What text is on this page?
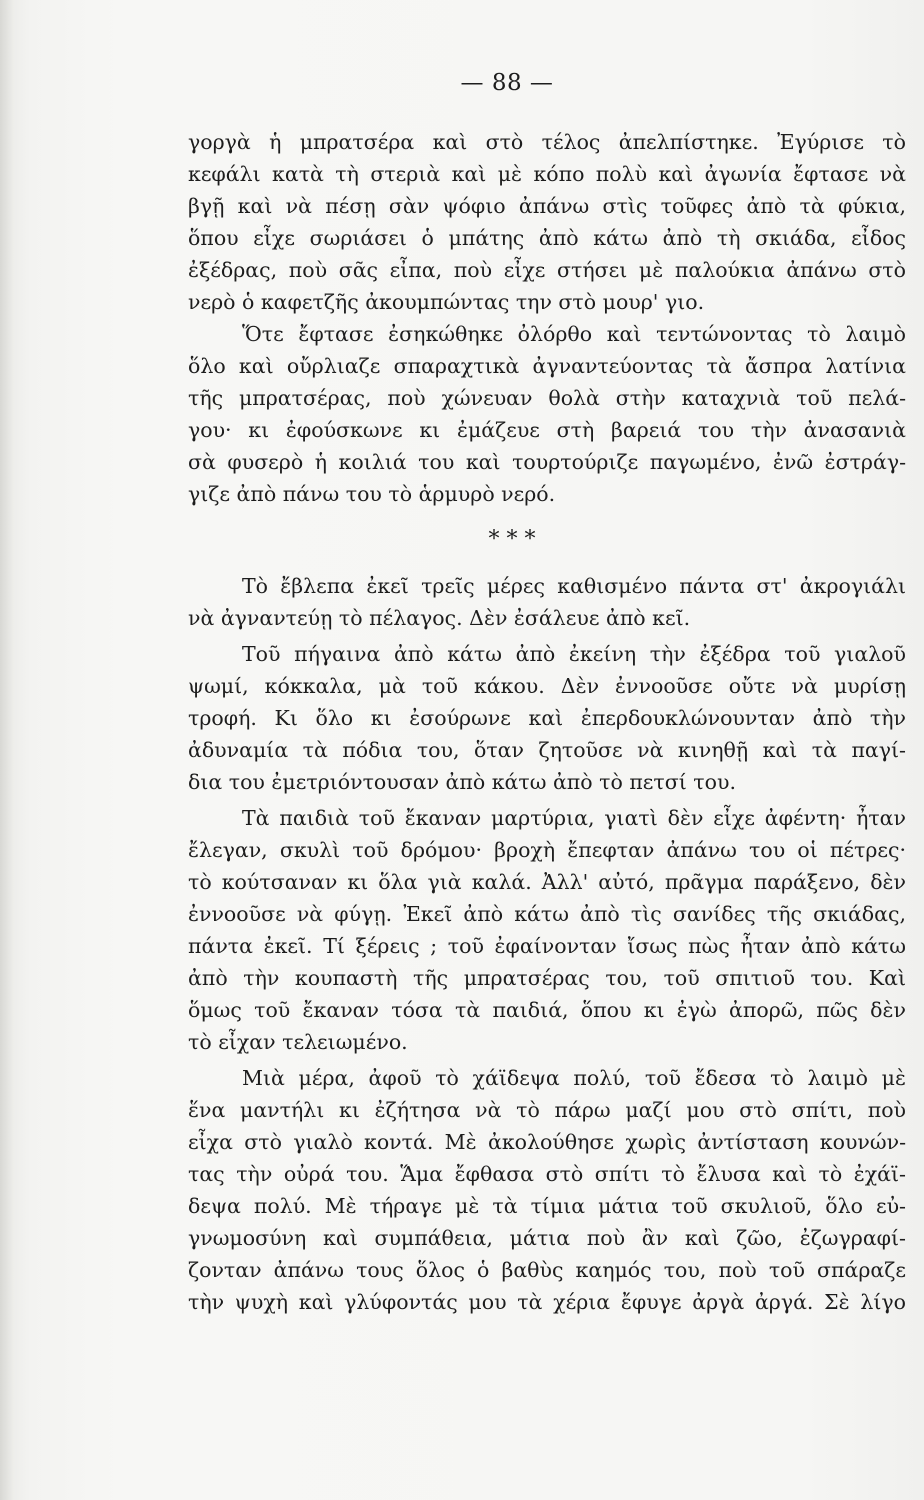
— 88 —
γοργὰ ἡ μπρατσέρα καὶ στὸ τέλος ἀπελπίστηκε. Ἐγύρισε τὸ
κεφάλι κατὰ τὴ στεριὰ καὶ μὲ κόπο πολὺ καὶ ἀγωνία ἔφτασε νὰ
βγῇ καὶ νὰ πέσῃ σὰν ψόφιο ἀπάνω στὶς τοῦφες ἀπὸ τὰ φύκια,
ὅπου εἶχε σωριάσει ὁ μπάτης ἀπὸ κάτω ἀπὸ τὴ σκιάδα, εἶδος
ἐξέδρας, ποὺ σᾶς εἶπα, ποὺ εἶχε στήσει μὲ παλούκια ἀπάνω στὸ
νερὸ ὁ καφετζῆς ἀκουμπώντας την στὸ μουρ' γιο.
Ὅτε ἔφτασε ἐσηκώθηκε ὀλόρθο καὶ τεντώνοντας τὸ λαιμὸ
ὅλο καὶ οὔρλιαζε σπαραχτικὰ ἀγναντεύοντας τὰ ἄσπρα λατίνια
τῆς μπρατσέρας, ποὺ χώνευαν θολὰ στὴν καταχνιὰ τοῦ πελά-
γου· κι ἐφούσκωνε κι ἐμάζευε στὴ βαρειά του τὴν ἀνασανιὰ
σὰ φυσερὸ ἡ κοιλιά του καὶ τουρτούριζε παγωμένο, ἐνῶ ἐστράγ-
γιζε ἀπὸ πάνω του τὸ ἁρμυρὸ νερό.
* * *
Τὸ ἔβλεπα ἐκεῖ τρεῖς μέρες καθισμένο πάντα στ' ἀκρογιάλι
νὰ ἀγναντεύῃ τὸ πέλαγος. Δὲν ἐσάλευε ἀπὸ κεῖ.
Τοῦ πήγαινα ἀπὸ κάτω ἀπὸ ἐκείνη τὴν ἐξέδρα τοῦ γιαλοῦ
ψωμί, κόκκαλα, μὰ τοῦ κάκου. Δὲν ἐννοοῦσε οὔτε νὰ μυρίσῃ
τροφή. Κι ὅλο κι ἐσούρωνε καὶ ἐπερδουκλώνουνταν ἀπὸ τὴν
ἀδυναμία τὰ πόδια του, ὅταν ζητοῦσε νὰ κινηθῇ καὶ τὰ παγί-
δια του ἐμετριόντουσαν ἀπὸ κάτω ἀπὸ τὸ πετσί του.
Τὰ παιδιὰ τοῦ ἔκαναν μαρτύρια, γιατὶ δὲν εἶχε ἀφέντη· ἦταν
ἔλεγαν, σκυλὶ τοῦ δρόμου· βροχὴ ἔπεφταν ἀπάνω του οἱ πέτρες·
τὸ κούτσαναν κι ὅλα γιὰ καλά. Ἀλλ' αὐτό, πρᾶγμα παράξενο, δὲν
ἐννοοῦσε νὰ φύγῃ. Ἐκεῖ ἀπὸ κάτω ἀπὸ τὶς σανίδες τῆς σκιάδας,
πάντα ἐκεῖ. Τί ξέρεις ; τοῦ ἐφαίνονταν ἴσως πὼς ἦταν ἀπὸ κάτω
ἀπὸ τὴν κουπαστὴ τῆς μπρατσέρας του, τοῦ σπιτιοῦ του. Καὶ
ὅμως τοῦ ἔκαναν τόσα τὰ παιδιά, ὅπου κι ἐγὼ ἀπορῶ, πῶς δὲν
τὸ εἶχαν τελειωμένο.
Μιὰ μέρα, ἀφοῦ τὸ χάϊδεψα πολύ, τοῦ ἔδεσα τὸ λαιμὸ μὲ
ἕνα μαντήλι κι ἐζήτησα νὰ τὸ πάρω μαζί μου στὸ σπίτι, ποὺ
εἶχα στὸ γιαλὸ κοντά. Μὲ ἀκολούθησε χωρὶς ἀντίσταση κουνών-
τας τὴν οὐρά του. Ἅμα ἔφθασα στὸ σπίτι τὸ ἔλυσα καὶ τὸ ἐχάϊ-
δεψα πολύ. Μὲ τήραγε μὲ τὰ τίμια μάτια τοῦ σκυλιοῦ, ὅλο εὐ-
γνωμοσύνη καὶ συμπάθεια, μάτια ποὺ ἂν καὶ ζῶο, ἐζωγραφί-
ζονταν ἀπάνω τους ὅλος ὁ βαθὺς καημός του, ποὺ τοῦ σπάραζε
τὴν ψυχὴ καὶ γλύφοντάς μου τὰ χέρια ἔφυγε ἀργὰ ἀργά. Σὲ λίγο
